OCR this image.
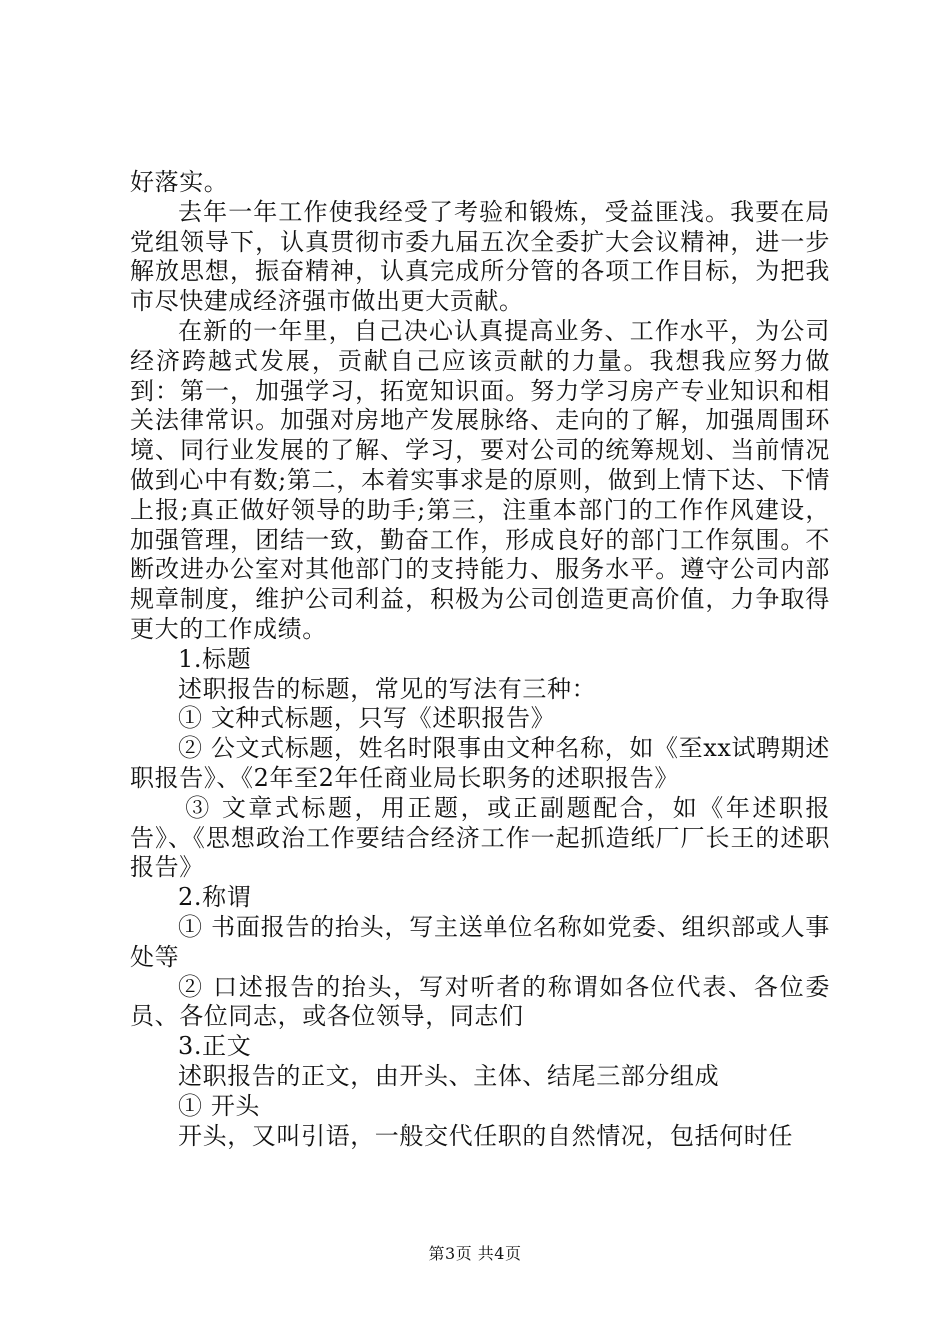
好落实。

去年一年工作使我经受了考验和锻炼，受益匪浅。我要在局党组领导下，认真贯彻市委九届五次全委扩大会议精神，进一步解放思想，振奋精神，认真完成所分管的各项工作目标，为把我市尽快建成经济强市做出更大贡献。

在新的一年里，自己决心认真提高业务、工作水平，为公司经济跨越式发展，贡献自己应该贡献的力量。我想我应努力做到：第一，加强学习，拓宽知识面。努力学习房产专业知识和相关法律常识。加强对房地产发展脉络、走向的了解，加强周围环境、同行业发展的了解、学习，要对公司的统筹规划、当前情况做到心中有数;第二，本着实事求是的原则，做到上情下达、下情上报;真正做好领导的助手;第三，注重本部门的工作作风建设，加强管理，团结一致，勤奋工作，形成良好的部门工作氛围。不断改进办公室对其他部门的支持能力、服务水平。遵守公司内部规章制度，维护公司利益，积极为公司创造更高价值，力争取得更大的工作成绩。

1.标题

述职报告的标题，常见的写法有三种：

① 文种式标题，只写《述职报告》

② 公文式标题，姓名时限事由文种名称，如《至xx试聘期述职报告》、《2年至2年任商业局长职务的述职报告》

③ 文章式标题，用正题，或正副题配合，如《年述职报告》、《思想政治工作要结合经济工作一起抓造纸厂厂长王的述职报告》

2.称谓

① 书面报告的抬头，写主送单位名称如党委、组织部或人事处等

② 口述报告的抬头，写对听者的称谓如各位代表、各位委员、各位同志，或各位领导，同志们

3.正文

述职报告的正文，由开头、主体、结尾三部分组成

① 开头

开头，又叫引语，一般交代任职的自然情况，包括何时任

第3页 共4页
